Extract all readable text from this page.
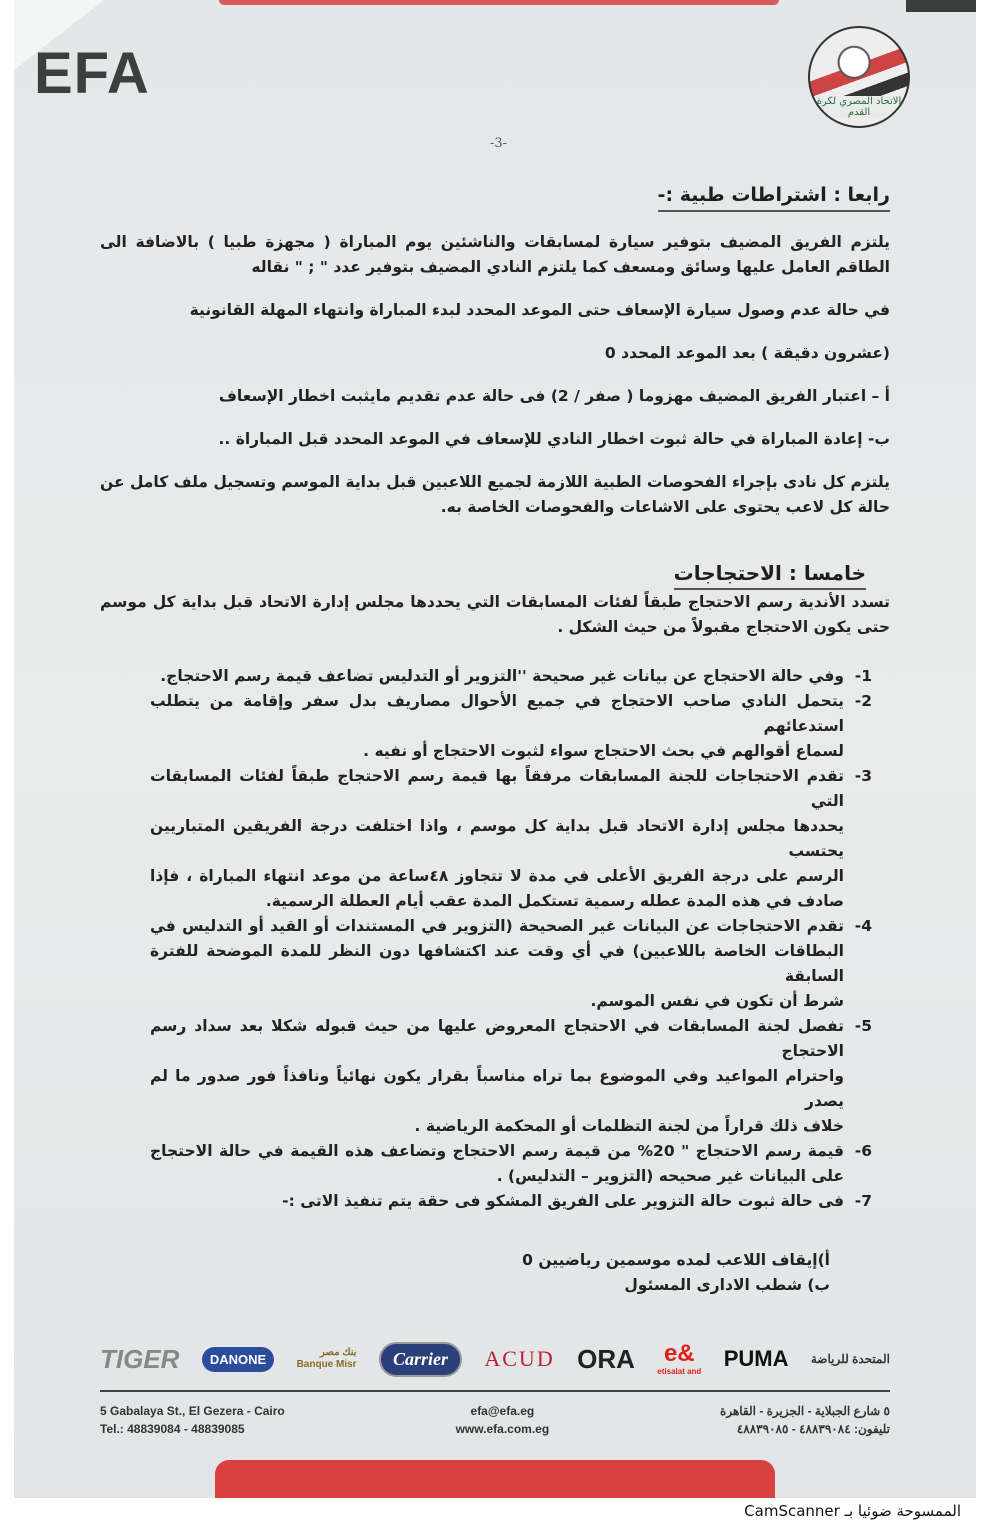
EFA	الاتحاد المصري لكرة القدم
-3-
رابعا : اشتراطات طبية :-
يلتزم الفريق المضيف بتوفير سيارة لمسابقات والناشئين يوم المباراة ( مجهزة طبيا ) بالاضافة الى
الطاقم العامل عليها وسائق ومسعف كما يلتزم النادي المضيف بتوفير عدد " ; " نقاله
في حالة عدم وصول سيارة الإسعاف حتى الموعد المحدد لبدء المباراة وانتهاء المهلة القانونية
(عشرون دقيقة ) بعد الموعد المحدد 0
أ – اعتبار الفريق المضيف مهزوما ( صفر / 2) فى حالة عدم تقديم مايثبت اخطار الإسعاف
ب- إعادة المباراة في حالة ثبوت اخطار النادي للإسعاف في الموعد المحدد قبل المباراة ..
يلتزم كل نادى بإجراء الفحوصات الطبية اللازمة لجميع اللاعبين قبل بداية الموسم وتسجيل ملف كامل عن
حالة كل لاعب يحتوى على الاشاعات والفحوصات الخاصة به.
خامسا : الاحتجاجات
تسدد الأندية رسم الاحتجاج طبقاً لفئات المسابقات التي يحددها مجلس إدارة الاتحاد قبل بداية كل موسم
حتى يكون الاحتجاج مقبولاً من حيث الشكل .
1-
وفي حالة الاحتجاج عن بيانات غير صحيحة ''التزوير أو التدليس تضاعف قيمة رسم الاحتجاج.
2-
يتحمل النادي صاحب الاحتجاج في جميع الأحوال مصاريف بدل سفر وإقامة من يتطلب استدعائهم
لسماع أقوالهم في بحث الاحتجاج سواء لثبوت الاحتجاج أو نفيه .
3-
تقدم الاحتجاجات للجنة المسابقات مرفقاً بها قيمة رسم الاحتجاج طبقاً لفئات المسابقات التي
يحددها مجلس إدارة الاتحاد قبل بداية كل موسم ، واذا اختلفت درجة الفريقين المتباريين يحتسب
الرسم على درجة الفريق الأعلى في مدة لا تتجاوز ٤٨ساعة من موعد انتهاء المباراة ، فإذا
صادف في هذه المدة عطله رسمية تستكمل المدة عقب أيام العطلة الرسمية.
4-
تقدم الاحتجاجات عن البيانات غير الصحيحة (التزوير في المستندات أو القيد أو التدليس في
البطاقات الخاصة باللاعبين) في أي وقت عند اكتشافها دون النظر للمدة الموضحة للفترة السابقة
شرط أن تكون في نفس الموسم.
5-
تفصل لجنة المسابقات في الاحتجاج المعروض عليها من حيث قبوله شكلا بعد سداد رسم الاحتجاج
واحترام المواعيد وفي الموضوع بما تراه مناسباً بقرار يكون نهائياً ونافذاً فور صدور ما لم يصدر
خلاف ذلك قراراً من لجنة التظلمات أو المحكمة الرياضية .
6-
قيمة رسم الاحتجاج " 20% من قيمة رسم الاحتجاج وتضاعف هذه القيمة في حالة الاحتجاج
على البيانات غير صحيحه (التزوير – التدليس) .
7-
فى حالة ثبوت حالة التزوير على الفريق المشكو فى حقة يتم تنفيذ الاتى :-
أ)إيقاف اللاعب لمده موسمين رياضيين 0
ب) شطب الادارى المسئول
TIGER	DANONE	بنك مصر Banque Misr	Carrier	ACUD ORA e&
etisalat and
PUMA المتحدة للرياضة
5 Gabalaya St., El Gezera - Cairo
Tel.: 48839084 - 48839085
efa@efa.eg
www.efa.com.eg
٥ شارع الجبلاية - الجزيرة - القاهرة
تليفون: ٤٨٨٣٩٠٨٤ - ٤٨٨٣٩٠٨٥
الممسوحة ضوئيا بـ CamScanner
